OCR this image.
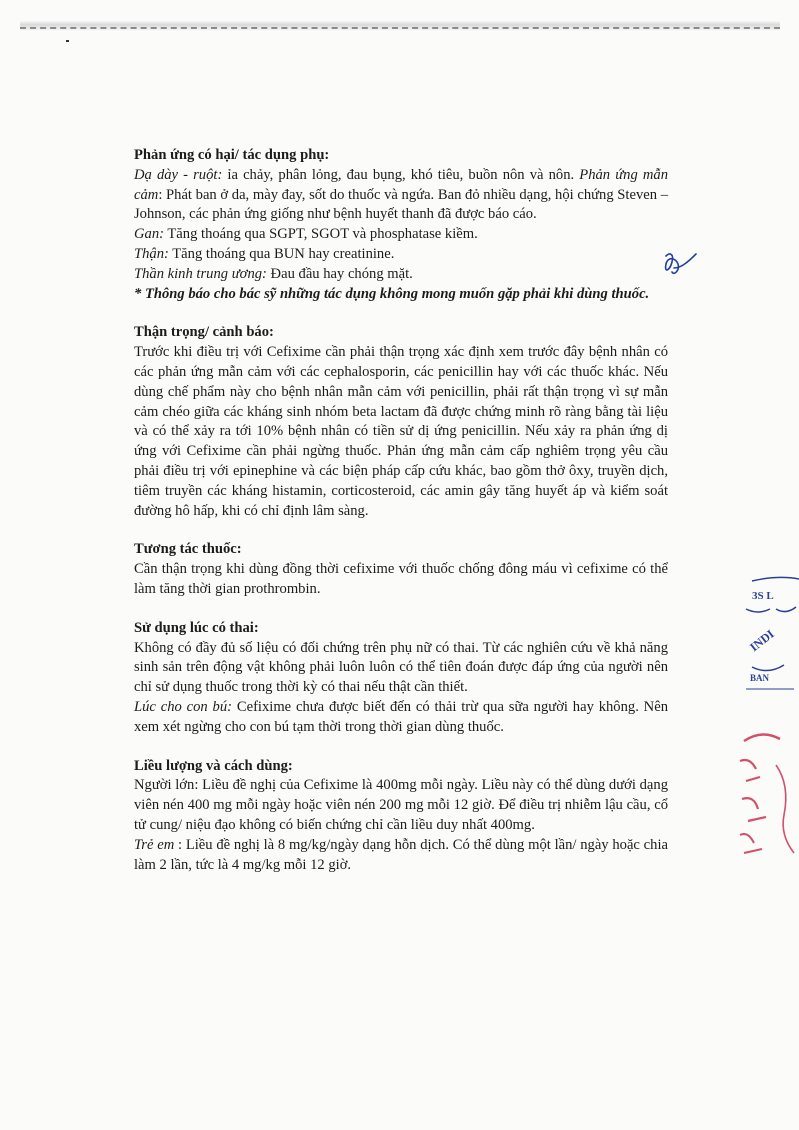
Phản ứng có hại/ tác dụng phụ:

Dạ dày - ruột: ỉa chảy, phân lỏng, đau bụng, khó tiêu, buồn nôn và nôn. Phản ứng mẫn cảm: Phát ban ở da, mày đay, sốt do thuốc và ngứa. Ban đỏ nhiều dạng, hội chứng Steven – Johnson, các phản ứng giống như bệnh huyết thanh đã được báo cáo.

Gan: Tăng thoáng qua SGPT, SGOT và phosphatase kiềm.

Thận: Tăng thoáng qua BUN hay creatinine.

Thần kinh trung ương: Đau đầu hay chóng mặt.

* Thông báo cho bác sỹ những tác dụng không mong muốn gặp phải khi dùng thuốc.

Thận trọng/ cảnh báo:

Trước khi điều trị với Cefixime cần phải thận trọng xác định xem trước đây bệnh nhân có các phản ứng mẫn cảm với các cephalosporin, các penicillin hay với các thuốc khác. Nếu dùng chế phẩm này cho bệnh nhân mẫn cảm với penicillin, phải rất thận trọng vì sự mẫn cảm chéo giữa các kháng sinh nhóm beta lactam đã được chứng minh rõ ràng bằng tài liệu và có thể xảy ra tới 10% bệnh nhân có tiền sử dị ứng penicillin. Nếu xảy ra phản ứng dị ứng với Cefixime cần phải ngừng thuốc. Phản ứng mẫn cảm cấp nghiêm trọng yêu cầu phải điều trị với epinephine và các biện pháp cấp cứu khác, bao gồm thở ôxy, truyền dịch, tiêm truyền các kháng histamin, corticosteroid, các amin gây tăng huyết áp và kiểm soát đường hô hấp, khi có chỉ định lâm sàng.

Tương tác thuốc:

Cần thận trọng khi dùng đồng thời cefixime với thuốc chống đông máu vì cefixime có thể làm tăng thời gian prothrombin.

Sử dụng lúc có thai:

Không có đầy đủ số liệu có đối chứng trên phụ nữ có thai. Từ các nghiên cứu về khả năng sinh sản trên động vật không phải luôn luôn có thể tiên đoán được đáp ứng của người nên chỉ sử dụng thuốc trong thời kỳ có thai nếu thật cần thiết.

Lúc cho con bú: Cefixime chưa được biết đến có thải trừ qua sữa người hay không. Nên xem xét ngừng cho con bú tạm thời trong thời gian dùng thuốc.

Liều lượng và cách dùng:

Người lớn: Liều đề nghị của Cefixime là 400mg mỗi ngày. Liều này có thể dùng dưới dạng viên nén 400 mg mỗi ngày hoặc viên nén 200 mg mỗi 12 giờ. Để điều trị nhiễm lậu cầu, cổ tử cung/ niệu đạo không có biến chứng chỉ cần liều duy nhất 400mg.

Trẻ em : Liều đề nghị là 8 mg/kg/ngày dạng hỗn dịch. Có thể dùng một lần/ ngày hoặc chia làm 2 lần, tức là 4 mg/kg mỗi 12 giờ.

3S L
INDI
BAN
